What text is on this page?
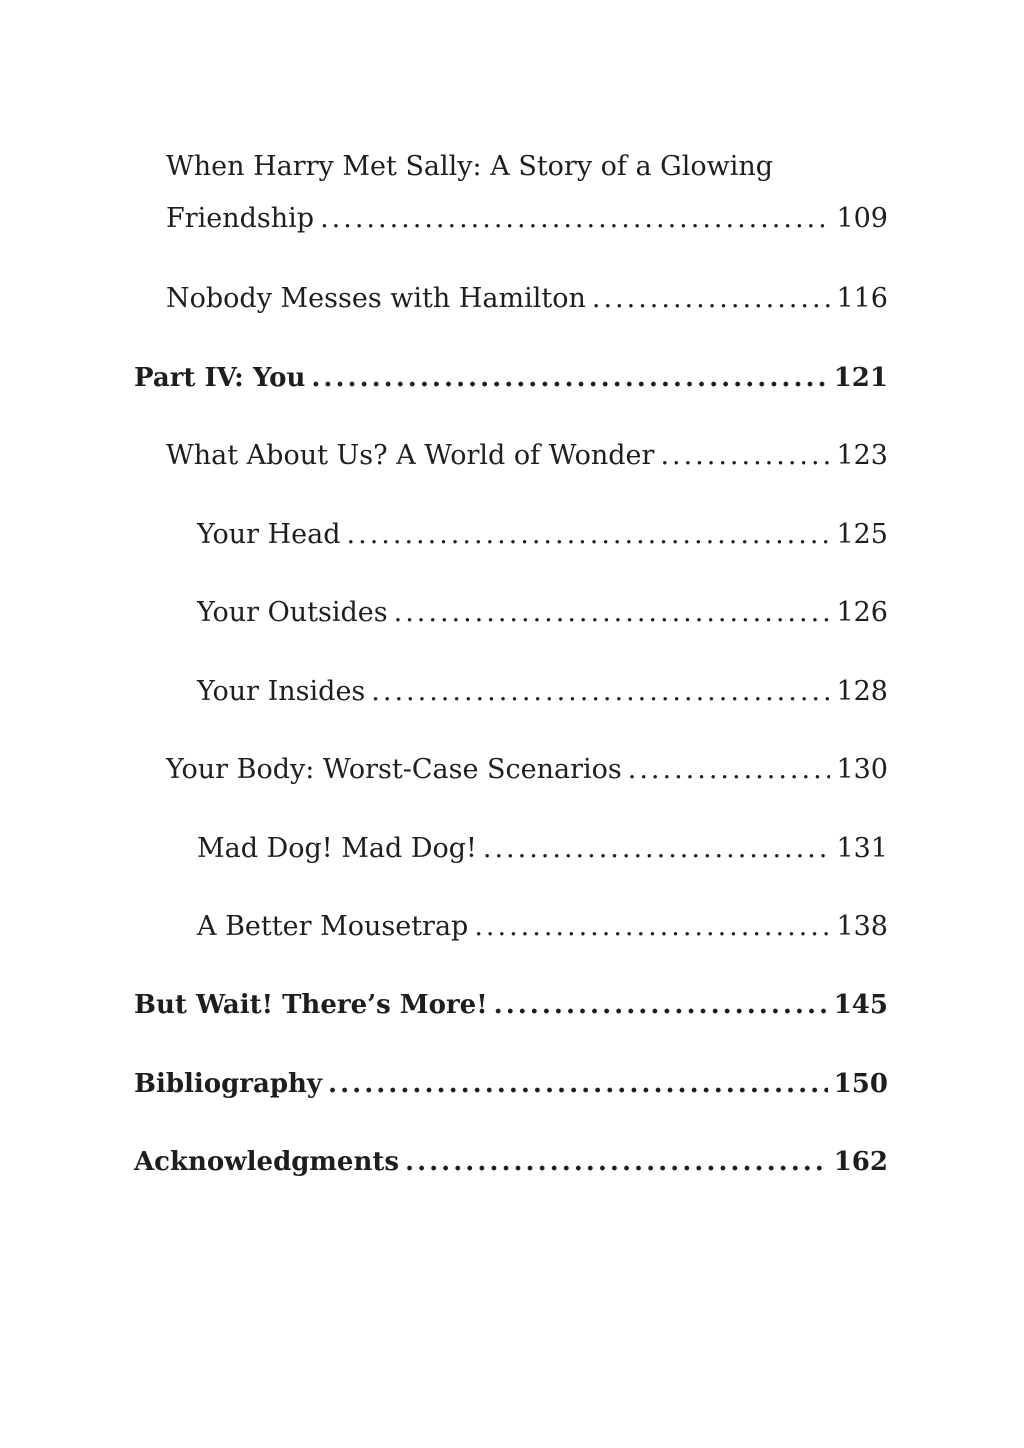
When Harry Met Sally: A Story of a Glowing
Friendship .....	109
Nobody Messes with Hamilton .....	116
Part IV: You .....	121
What About Us? A World of Wonder .....	123
Your Head .....	125
Your Outsides .....	126
Your Insides .....	128
Your Body: Worst-Case Scenarios .....	130
Mad Dog! Mad Dog! .....	131
A Better Mousetrap .....	138
But Wait! There’s More! .....	145
Bibliography .....	150
Acknowledgments .....	162
